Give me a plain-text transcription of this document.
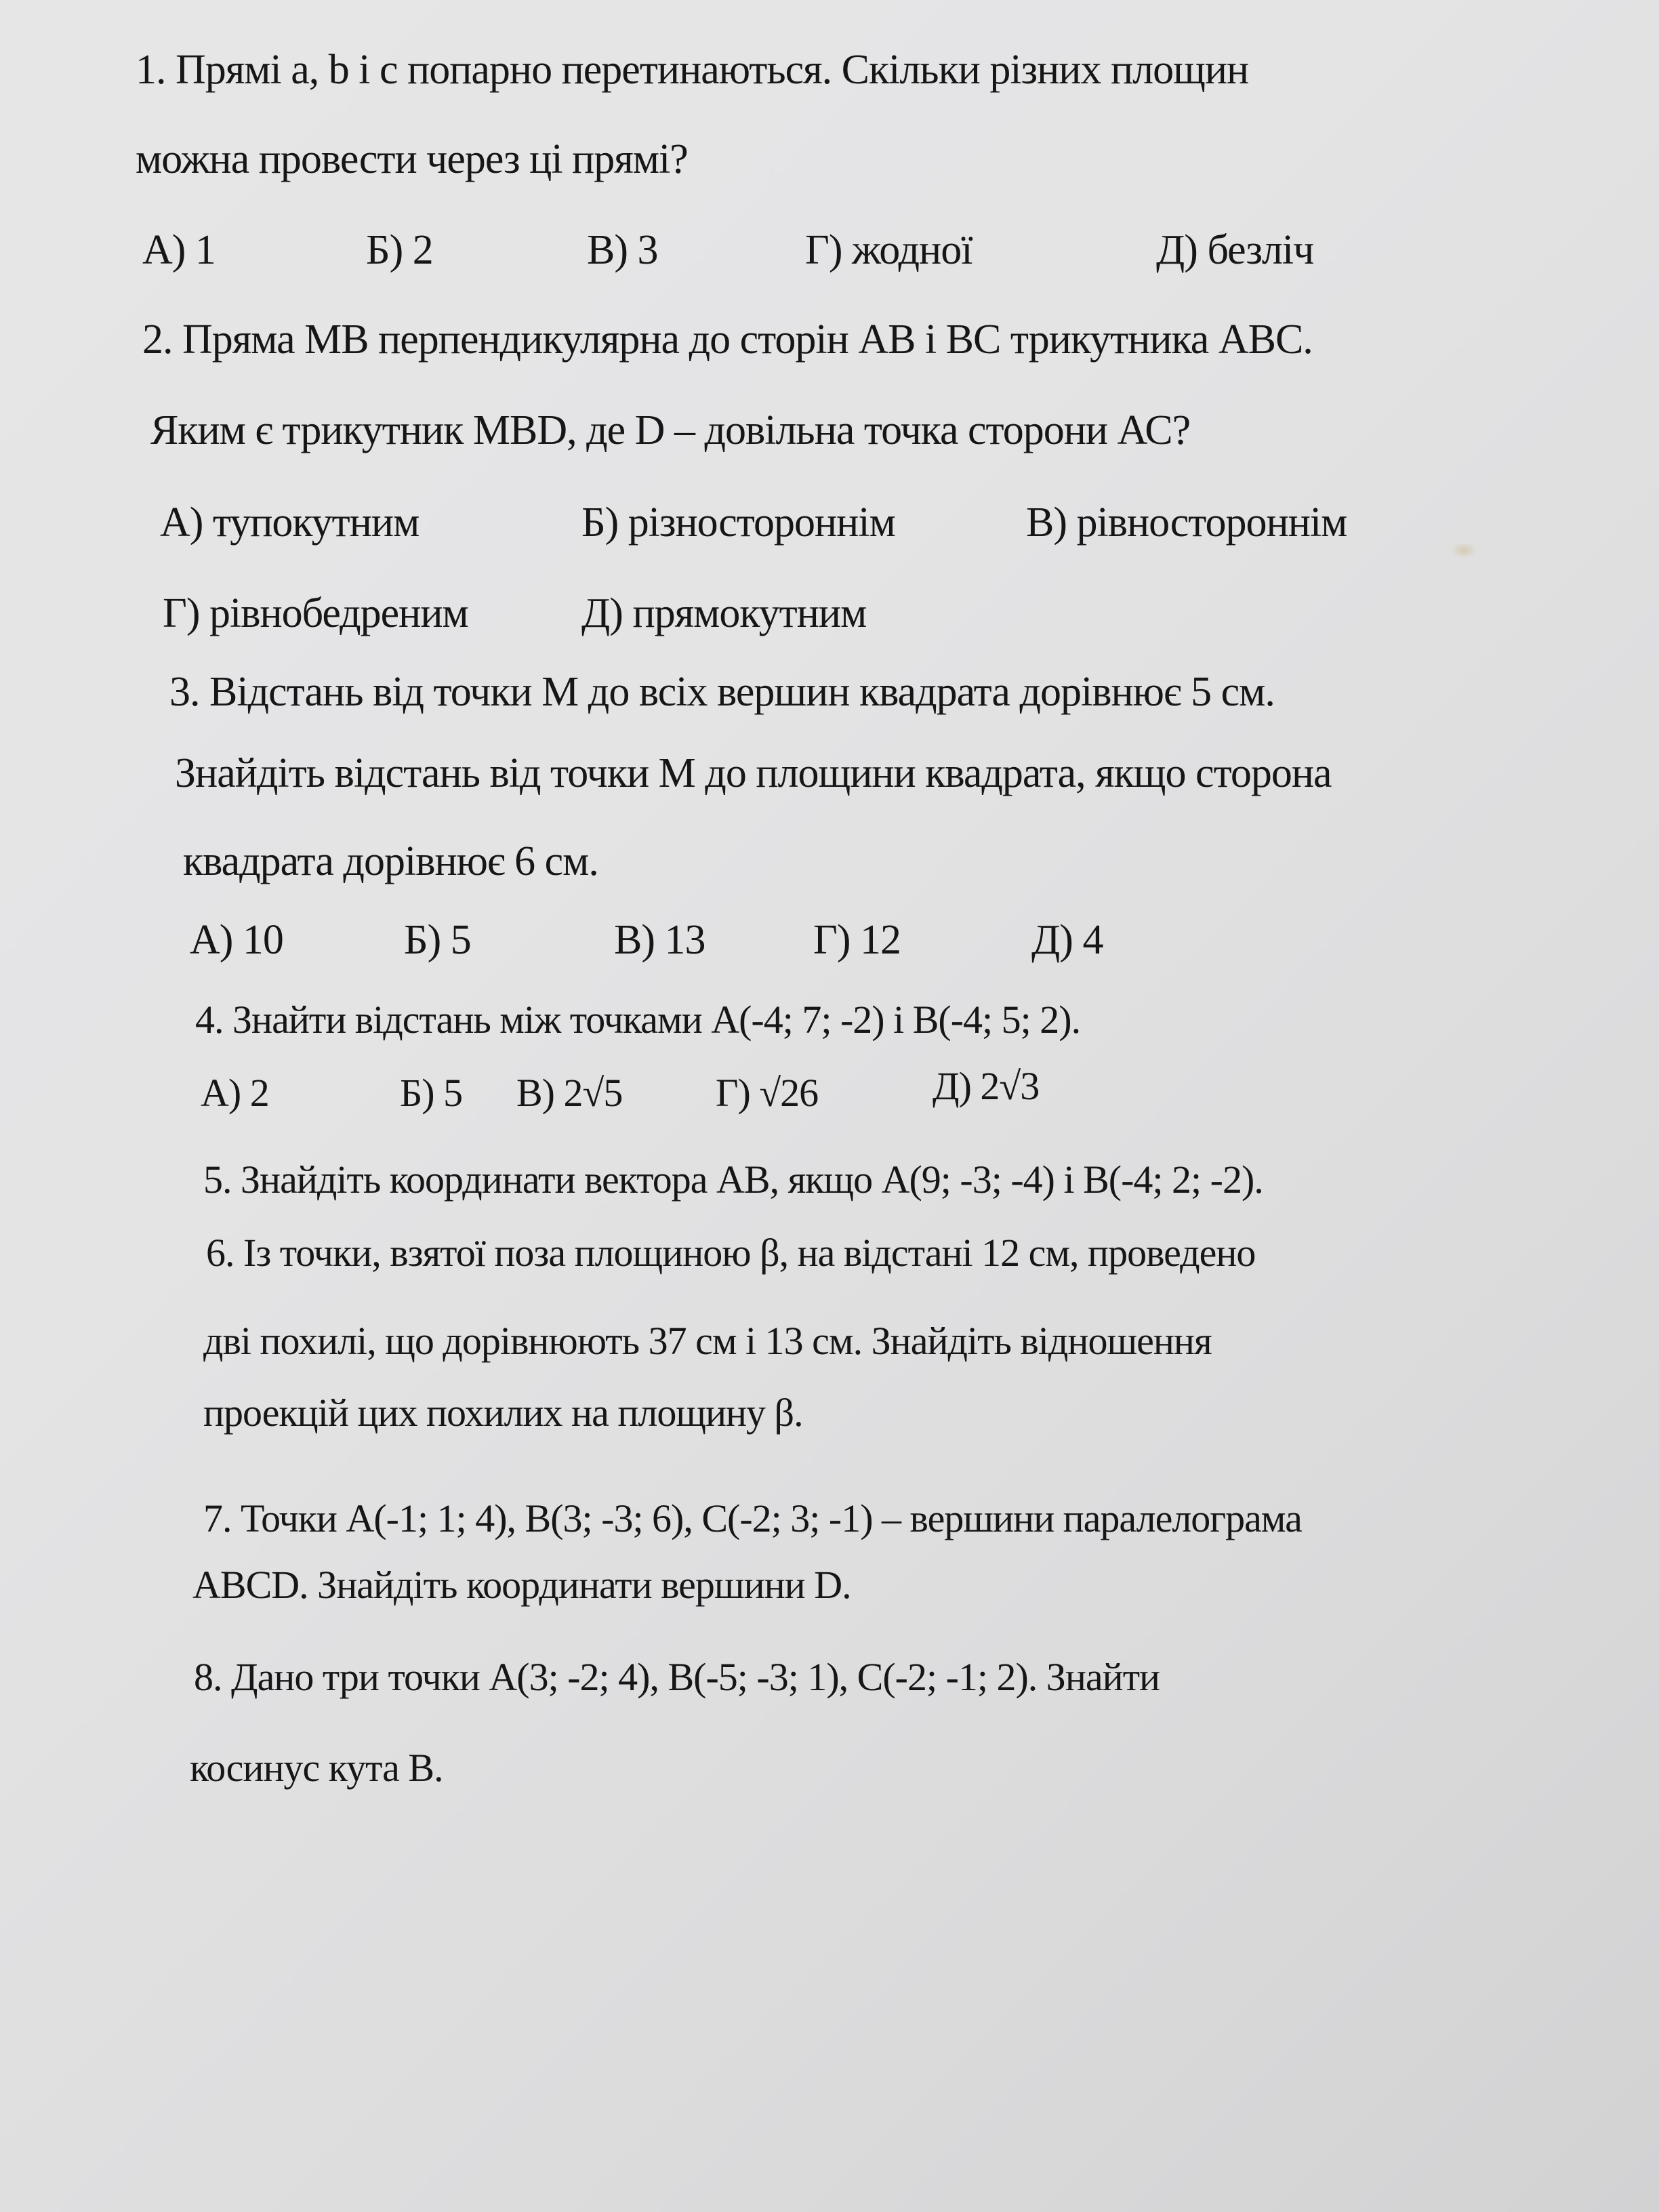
1. Прямі a, b і c попарно перетинаються. Скільки різних площин
можна провести через ці прямі?
А) 1	Б) 2	В) 3	Г) жодної	Д) безліч
2. Пряма MB перпендикулярна до сторін AB і BC трикутника ABC.
Яким є трикутник MBD, де D – довільна точка сторони АС?
А) тупокутним	Б) різностороннім	В) рівностороннім
Г) рівнобедреним	Д) прямокутним
3. Відстань від точки M до всіх вершин квадрата дорівнює 5 см.
Знайдіть відстань від точки M до площини квадрата, якщо сторона
квадрата дорівнює 6 см.
А) 10	Б) 5	В) 13	Г) 12	Д) 4
4. Знайти відстань між точками A(-4; 7; -2) і B(-4; 5; 2).
А) 2	Б) 5 В) 2√5 Г) √26	Д) 2√3
5. Знайдіть координати вектора AB, якщо A(9; -3; -4) і B(-4; 2; -2).
6. Із точки, взятої поза площиною β, на відстані 12 см, проведено
дві похилі, що дорівнюють 37 см і 13 см. Знайдіть відношення
проекцій цих похилих на площину β.
7. Точки A(-1; 1; 4), B(3; -3; 6), C(-2; 3; -1) – вершини паралелограма
ABCD. Знайдіть координати вершини D.
8. Дано три точки A(3; -2; 4), B(-5; -3; 1), C(-2; -1; 2). Знайти
косинус кута B.
